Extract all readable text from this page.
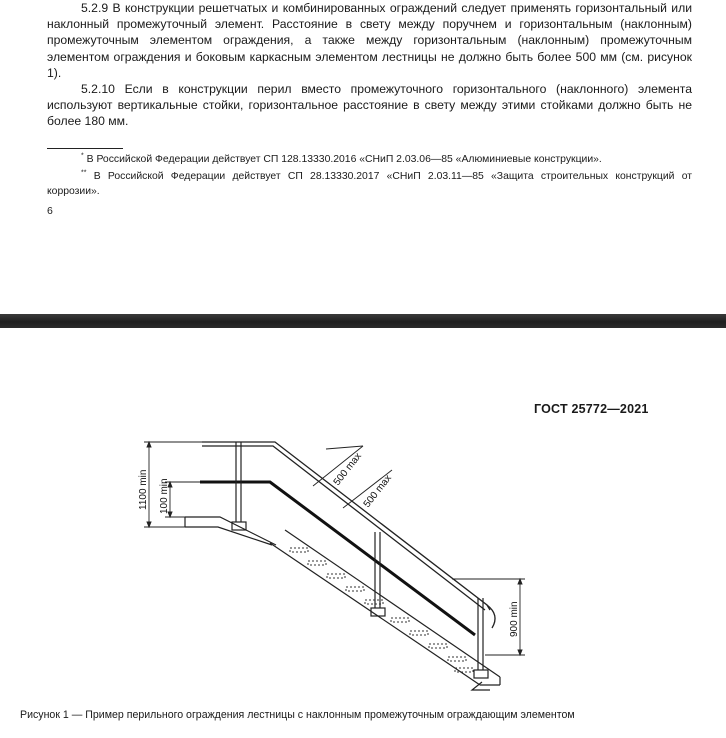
5.2.9 В конструкции решетчатых и комбинированных ограждений следует применять горизонтальный или наклонный промежуточный элемент. Расстояние в свету между поручнем и горизонтальным (наклонным) промежуточным элементом ограждения, а также между горизонтальным (наклонным) промежуточным элементом ограждения и боковым каркасным элементом лестницы не должно быть более 500 мм (см. рисунок 1).

5.2.10 Если в конструкции перил вместо промежуточного горизонтального (наклонного) элемента используют вертикальные стойки, горизонтальное расстояние в свету между этими стойками должно быть не более 180 мм.

* В Российской Федерации действует СП 128.13330.2016 «СНиП 2.03.06—85 «Алюминиевые конструкции».

** В Российской Федерации действует СП 28.13330.2017 «СНиП 2.03.11—85 «Защита строительных конструкций от коррозии».

6
ГОСТ 25772—2021
1100 min 100 min
500 max
500 max
900 min
Рисунок 1 — Пример перильного ограждения лестницы с наклонным промежуточным ограждающим элементом
